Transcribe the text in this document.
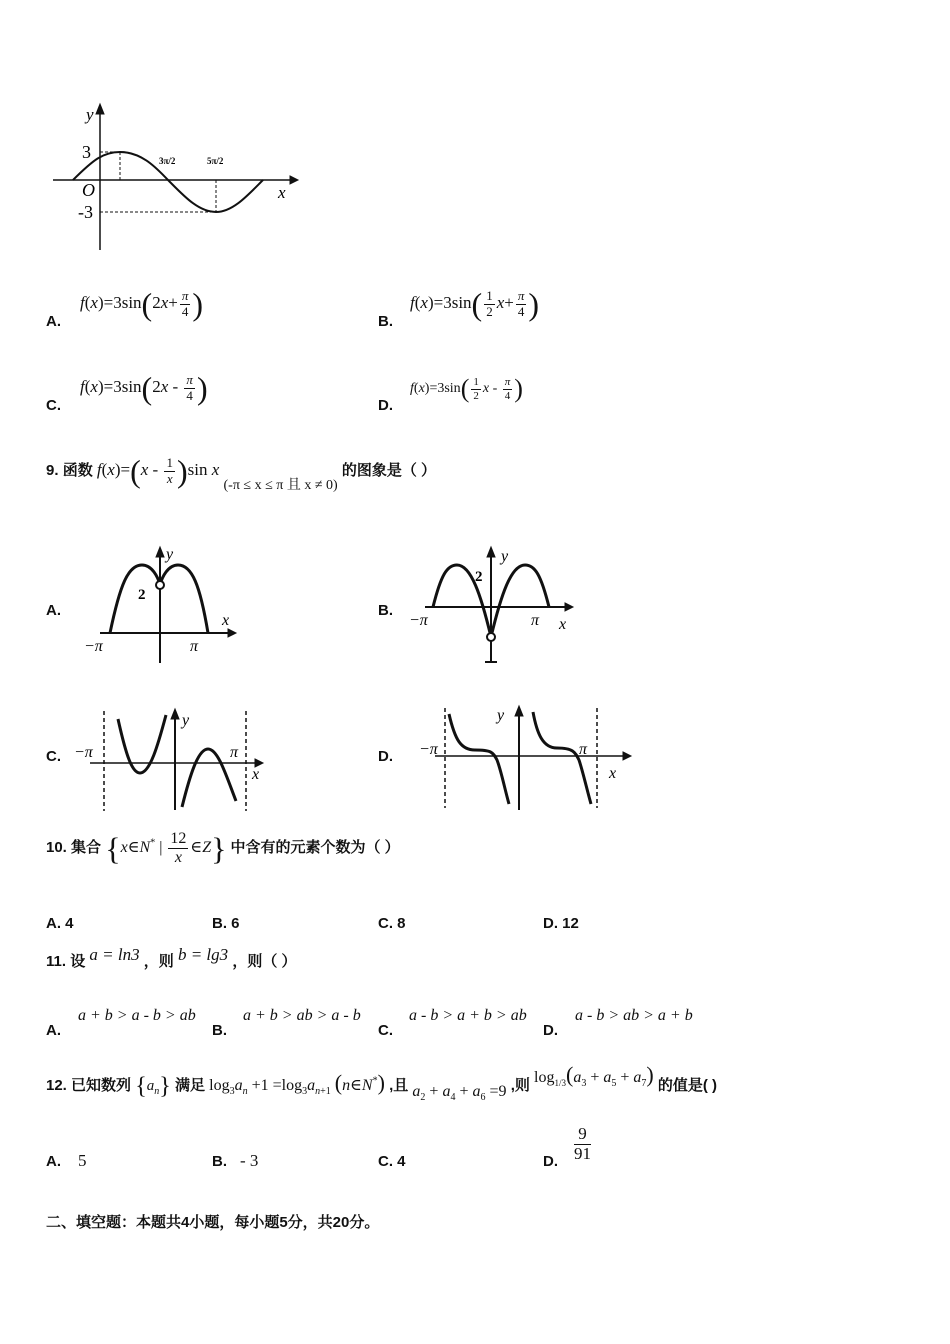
y
x
O
3
-3
3π/2	5π/2
A.
$f(x)=3\sin(2x+ \frac{\pi}{4}$ )	B.
$f(x)=3\sin( \frac{1}{2} x+ \frac{\pi}{4}$ )
C.
$f(x)=3\sin(2x - \frac{\pi}{4}$ )	D.
$f(x)=3\sin( \frac{1}{2}$ x - $\frac{\pi}{4}$ )
9. 函数 $f(x)=(x - \frac{1}{x} )\sin$ x (-π ≤ x ≤ π 且 x ≠ 0) 的图象是（ ）
A.
y
x
−π	π
2
B.
y
x
−π	π
2
C.
y
x
−π	π	D.
y
x
−π	π
10. 集合 {x∈N* | $\frac{12}{x}$ ∈Z} 中含有的元素个数为（ ）
A. 4	B. 6	C. 8	D. 12
11. 设 a = ln3 ，则 b = lg3 ，则（ ）
A.
a + b > a - b > ab
B.
a + b > ab > a - b
C.
a - b > a + b > ab
D.
a - b > ab > a + b
12. 已知数列 $\{a_n\}$ 满足 $\log_3a_n +1 =\log_3a_{n+1}$ (n∈N*) ,且 $a_2 + a_4 + a_6 =9$ ,则 $\log_{1/3}(a_3 + a_5 + a_7)$ 的值是( )
A. 5	B. - 3	C. 4	D. $\frac{9}{91}$
二、填空题：本题共4小题，每小题5分，共20分。
